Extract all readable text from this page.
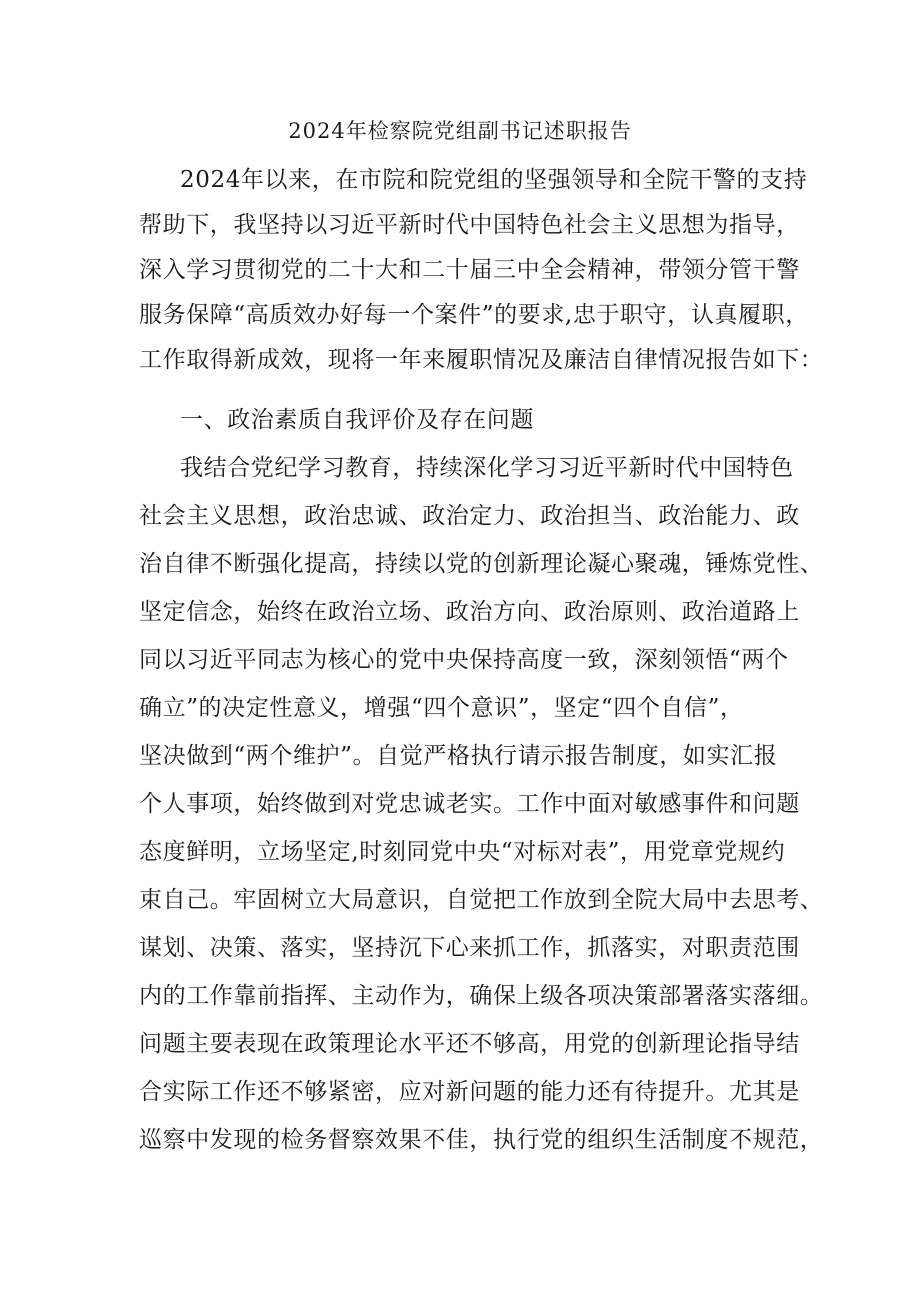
2024年检察院党组副书记述职报告
2024年以来，在市院和院党组的坚强领导和全院干警的支持
帮助下，我坚持以习近平新时代中国特色社会主义思想为指导，
深入学习贯彻党的二十大和二十届三中全会精神，带领分管干警
服务保障“高质效办好每一个案件”的要求,忠于职守，认真履职，
工作取得新成效，现将一年来履职情况及廉洁自律情况报告如下：
一、政治素质自我评价及存在问题
我结合党纪学习教育，持续深化学习习近平新时代中国特色
社会主义思想，政治忠诚、政治定力、政治担当、政治能力、政
治自律不断强化提高，持续以党的创新理论凝心聚魂，锤炼党性、
坚定信念，始终在政治立场、政治方向、政治原则、政治道路上
同以习近平同志为核心的党中央保持高度一致，深刻领悟“两个
确立”的决定性意义，增强“四个意识”，坚定“四个自信”，
坚决做到“两个维护”。自觉严格执行请示报告制度，如实汇报
个人事项，始终做到对党忠诚老实。工作中面对敏感事件和问题
态度鲜明，立场坚定,时刻同党中央“对标对表”，用党章党规约
束自己。牢固树立大局意识，自觉把工作放到全院大局中去思考、
谋划、决策、落实，坚持沉下心来抓工作，抓落实，对职责范围
内的工作靠前指挥、主动作为，确保上级各项决策部署落实落细。
问题主要表现在政策理论水平还不够高，用党的创新理论指导结
合实际工作还不够紧密，应对新问题的能力还有待提升。尤其是
巡察中发现的检务督察效果不佳，执行党的组织生活制度不规范，
